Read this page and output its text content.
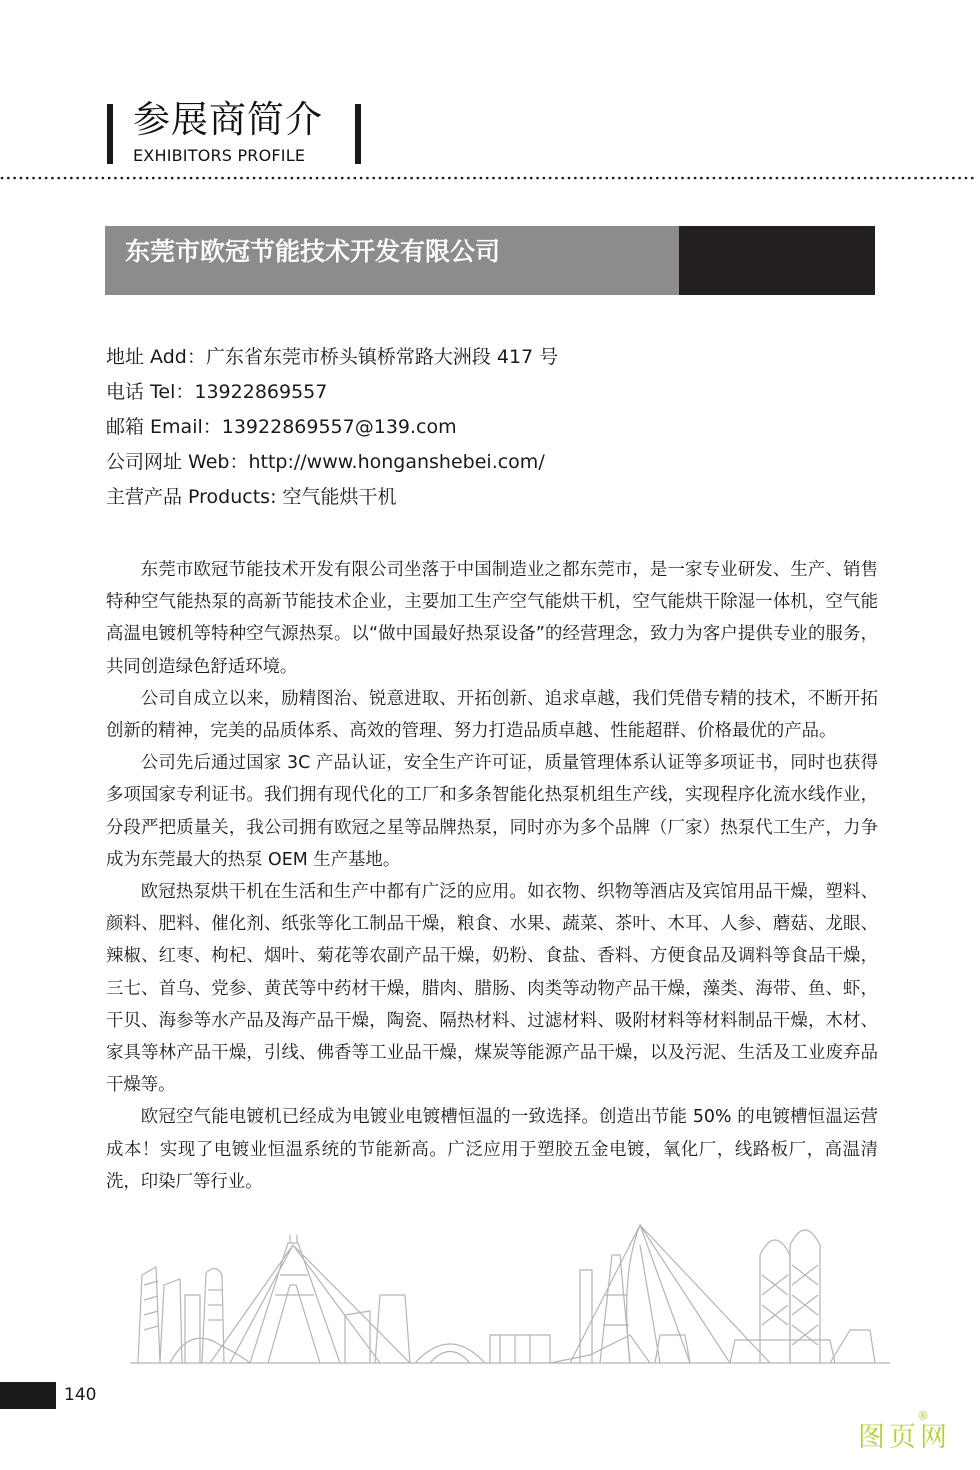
参展商简介
EXHIBITORS PROFILE
东莞市欧冠节能技术开发有限公司
地址 Add：广东省东莞市桥头镇桥常路大洲段 417 号
电话 Tel：13922869557
邮箱 Email：13922869557@139.com
公司网址 Web：http://www.honganshebei.com/
主营产品 Products: 空气能烘干机

东莞市欧冠节能技术开发有限公司坐落于中国制造业之都东莞市，是一家专业研发、生产、销售特种空气能热泵的高新节能技术企业，主要加工生产空气能烘干机，空气能烘干除湿一体机，空气能高温电镀机等特种空气源热泵。以“做中国最好热泵设备”的经营理念，致力为客户提供专业的服务，共同创造绿色舒适环境。

公司自成立以来，励精图治、锐意进取、开拓创新、追求卓越，我们凭借专精的技术，不断开拓创新的精神，完美的品质体系、高效的管理、努力打造品质卓越、性能超群、价格最优的产品。

公司先后通过国家 3C 产品认证，安全生产许可证，质量管理体系认证等多项证书，同时也获得多项国家专利证书。我们拥有现代化的工厂和多条智能化热泵机组生产线，实现程序化流水线作业，分段严把质量关，我公司拥有欧冠之星等品牌热泵，同时亦为多个品牌（厂家）热泵代工生产，力争成为东莞最大的热泵 OEM 生产基地。

欧冠热泵烘干机在生活和生产中都有广泛的应用。如衣物、织物等酒店及宾馆用品干燥，塑料、颜料、肥料、催化剂、纸张等化工制品干燥，粮食、水果、蔬菜、茶叶、木耳、人参、蘑菇、龙眼、辣椒、红枣、枸杞、烟叶、菊花等农副产品干燥，奶粉、食盐、香料、方便食品及调料等食品干燥，三七、首乌、党参、黄芪等中药材干燥，腊肉、腊肠、肉类等动物产品干燥，藻类、海带、鱼、虾，干贝、海参等水产品及海产品干燥，陶瓷、隔热材料、过滤材料、吸附材料等材料制品干燥，木材、家具等林产品干燥，引线、佛香等工业品干燥，煤炭等能源产品干燥，以及污泥、生活及工业废弃品干燥等。

欧冠空气能电镀机已经成为电镀业电镀槽恒温的一致选择。创造出节能 50% 的电镀槽恒温运营成本！实现了电镀业恒温系统的节能新高。广泛应用于塑胶五金电镀，氧化厂，线路板厂，高温清洗，印染厂等行业。

140
图页网
®
